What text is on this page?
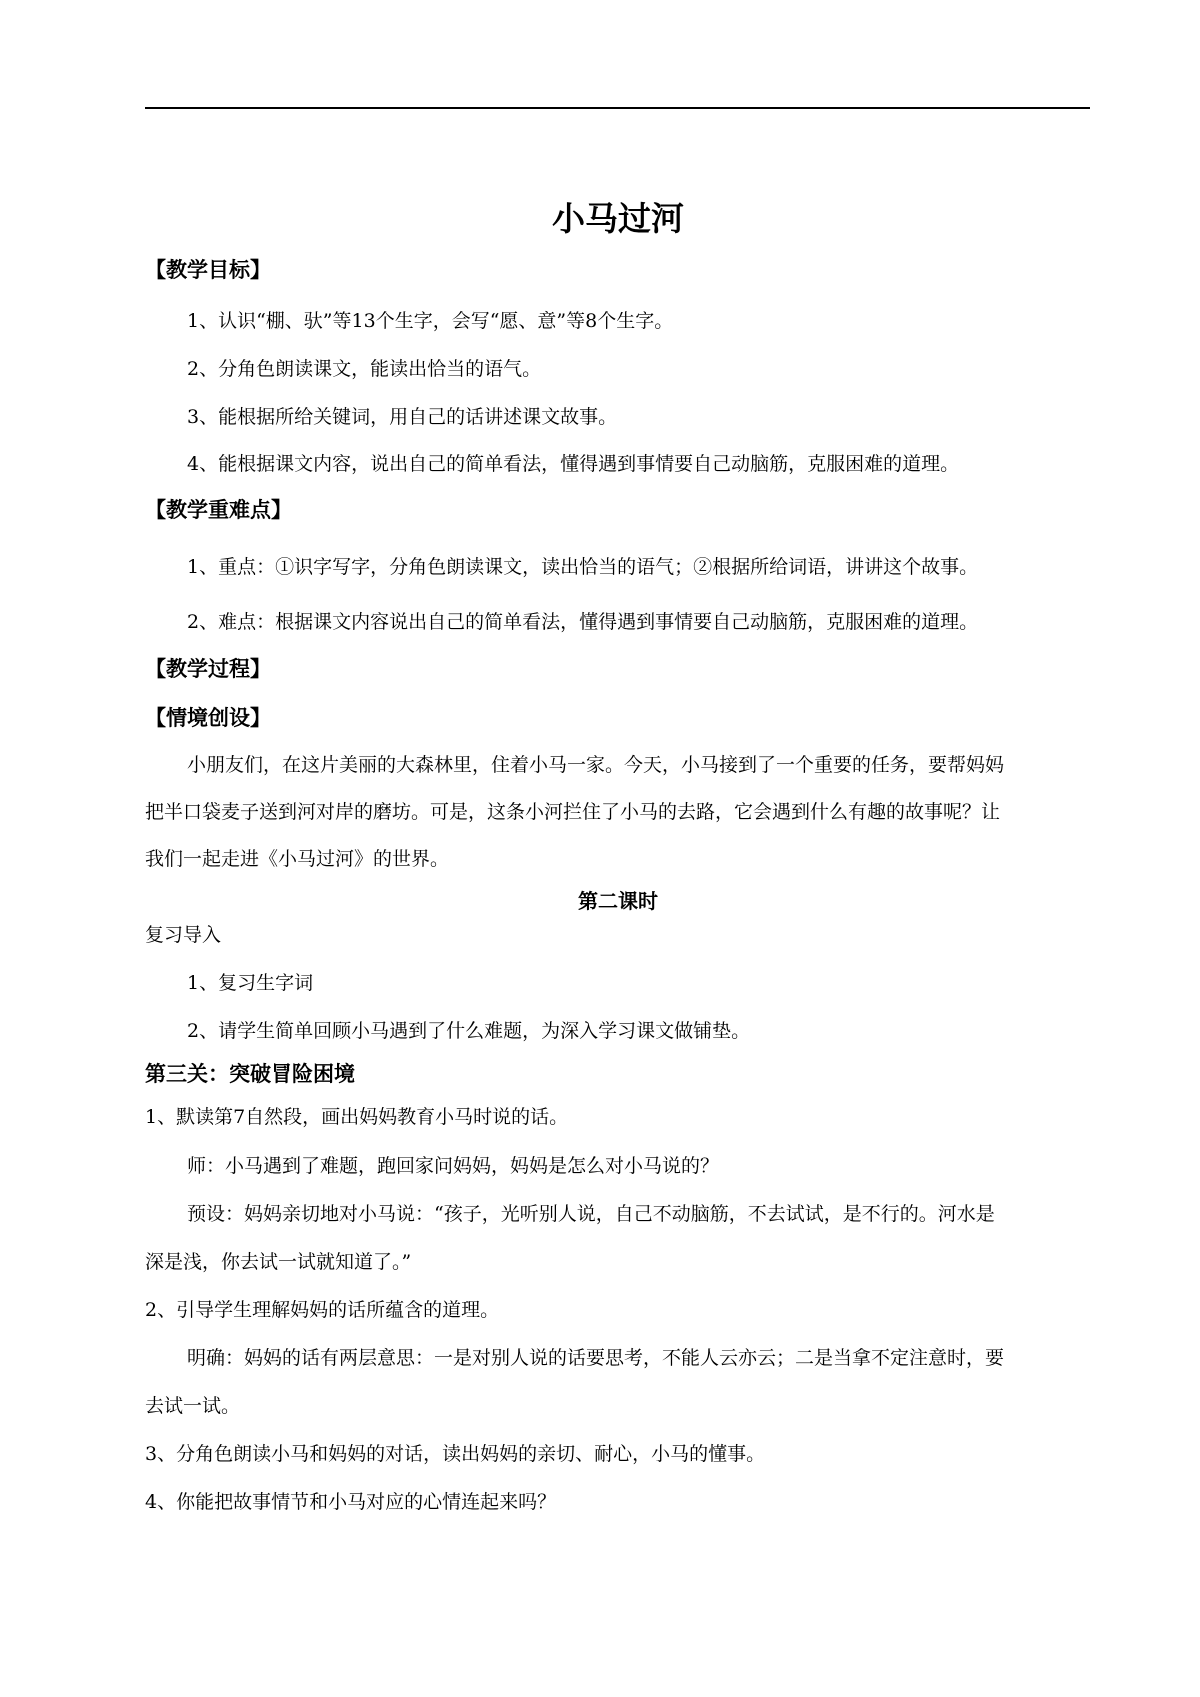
小马过河
【教学目标】
1、认识“棚、驮”等13个生字，会写“愿、意”等8个生字。
2、分角色朗读课文，能读出恰当的语气。
3、能根据所给关键词，用自己的话讲述课文故事。
4、能根据课文内容，说出自己的简单看法，懂得遇到事情要自己动脑筋，克服困难的道理。
【教学重难点】
1、重点：①识字写字，分角色朗读课文，读出恰当的语气；②根据所给词语，讲讲这个故事。
2、难点：根据课文内容说出自己的简单看法，懂得遇到事情要自己动脑筋，克服困难的道理。
【教学过程】
【情境创设】
小朋友们，在这片美丽的大森林里，住着小马一家。今天，小马接到了一个重要的任务，要帮妈妈
把半口袋麦子送到河对岸的磨坊。可是，这条小河拦住了小马的去路，它会遇到什么有趣的故事呢？让
我们一起走进《小马过河》的世界。
第二课时
复习导入
1、复习生字词
2、请学生简单回顾小马遇到了什么难题，为深入学习课文做铺垫。
第三关：突破冒险困境
1、默读第7自然段，画出妈妈教育小马时说的话。
师：小马遇到了难题，跑回家问妈妈，妈妈是怎么对小马说的？
预设：妈妈亲切地对小马说：“孩子，光听别人说，自己不动脑筋，不去试试，是不行的。河水是
深是浅，你去试一试就知道了。”
2、引导学生理解妈妈的话所蕴含的道理。
明确：妈妈的话有两层意思：一是对别人说的话要思考，不能人云亦云；二是当拿不定注意时，要
去试一试。
3、分角色朗读小马和妈妈的对话，读出妈妈的亲切、耐心，小马的懂事。
4、你能把故事情节和小马对应的心情连起来吗？
